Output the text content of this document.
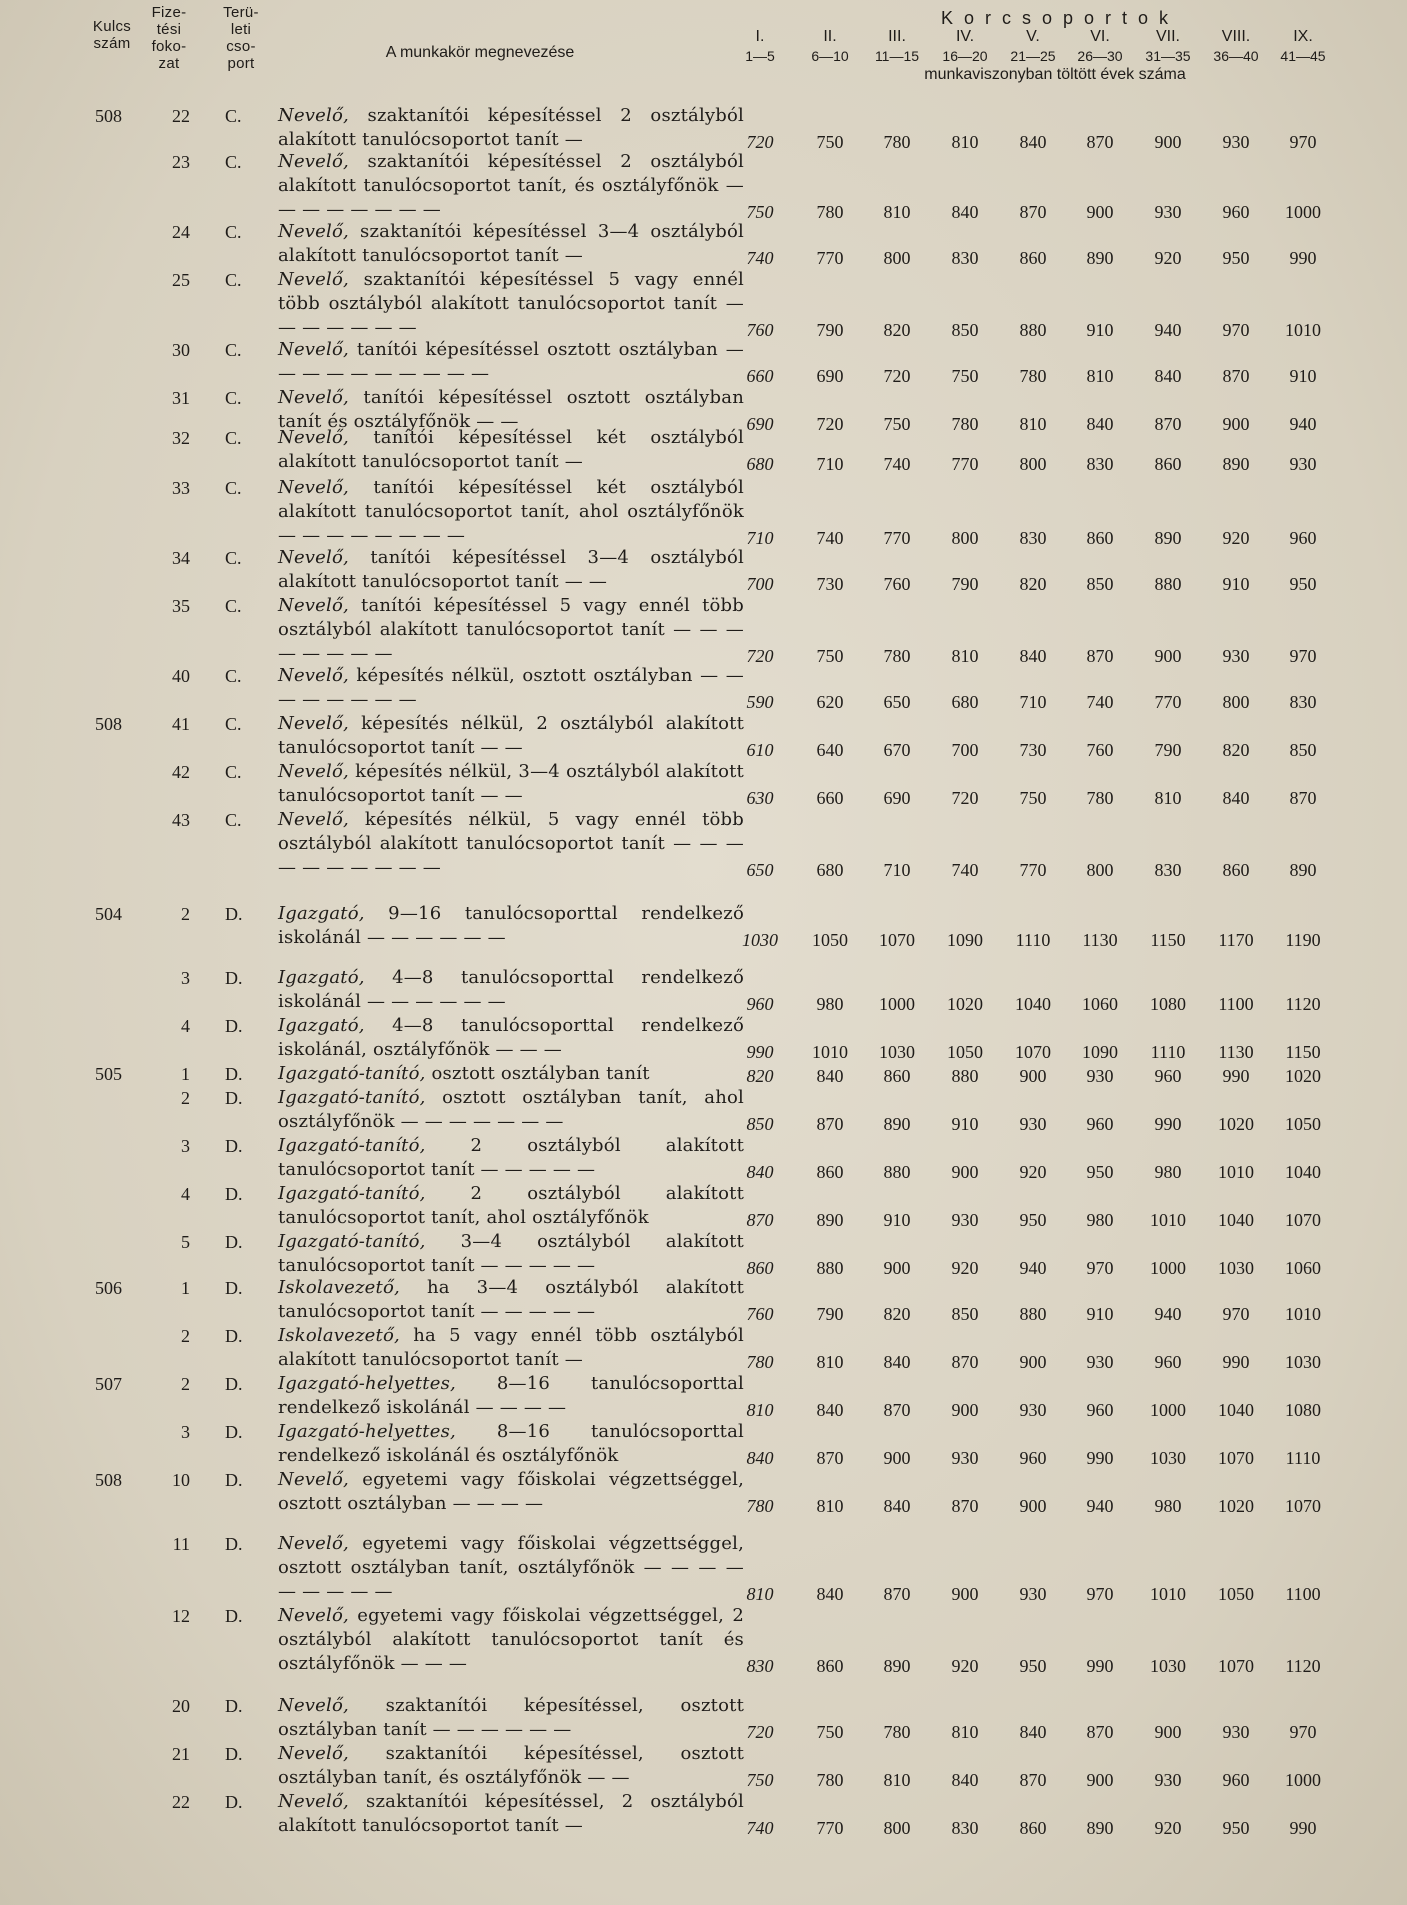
Kulcs
szám
Fize-
tési
foko-
zat
Terü-
leti
cso-
port
A munkakör megnevezése
Korcsoportok
I.	II.	III.	IV.	V.	VI.	VII.	VIII.	IX.
1—5	6—10	11—15	16—20	21—25	26—30	31—35	36—40	41—45
munkaviszonyban töltött évek száma
508	22 C.	Nevelő, szaktanítói képesítéssel 2 osztályból alakított tanulócsoportot tanít —	720	750	780	810	840	870	900	930	970
23 C.	Nevelő, szaktanítói képesítéssel 2 osztályból alakított tanulócsoportot tanít, és osztályfőnök — — — — — — — —	750	780	810	840	870	900	930	960	1000
24 C.	Nevelő, szaktanítói képesítéssel 3—4 osztályból alakított tanulócsoportot tanít —	740	770	800	830	860	890	920	950	990
25 C.	Nevelő, szaktanítói képesítéssel 5 vagy ennél több osztályból alakított tanulócsoportot tanít — — — — — — —	760	790	820	850	880	910	940	970	1010
30 C.	Nevelő, tanítói képesítéssel osztott osztályban — — — — — — — — — —	660	690	720	750	780	810	840	870	910
31 C.	Nevelő, tanítói képesítéssel osztott osztályban tanít és osztályfőnök — —	690	720	750	780	810	840	870	900	940
32 C.	Nevelő, tanítói képesítéssel két osztályból alakított tanulócsoportot tanít —	680	710	740	770	800	830	860	890	930
33 C.	Nevelő, tanítói képesítéssel két osztályból alakított tanulócsoportot tanít, ahol osztályfőnök — — — — — — — —	710	740	770	800	830	860	890	920	960
34 C.	Nevelő, tanítói képesítéssel 3—4 osztályból alakított tanulócsoportot tanít — —	700	730	760	790	820	850	880	910	950
35 C.	Nevelő, tanítói képesítéssel 5 vagy ennél több osztályból alakított tanulócsoportot tanít — — — — — — — —	720	750	780	810	840	870	900	930	970
40 C.	Nevelő, képesítés nélkül, osztott osztályban — — — — — — — —	590	620	650	680	710	740	770	800	830
508	41 C.	Nevelő, képesítés nélkül, 2 osztályból alakított tanulócsoportot tanít — —	610	640	670	700	730	760	790	820	850
42 C.	Nevelő, képesítés nélkül, 3—4 osztályból alakított tanulócsoportot tanít — —	630	660	690	720	750	780	810	840	870
43 C.	Nevelő, képesítés nélkül, 5 vagy ennél több osztályból alakított tanulócsoportot tanít — — — — — — — — — —	650	680	710	740	770	800	830	860	890
504	2 D.	Igazgató, 9—16 tanulócsoporttal rendelkező iskolánál — — — — — —	1030	1050	1070	1090	1110	1130	1150	1170	1190
3 D.	Igazgató, 4—8 tanulócsoporttal rendelkező iskolánál — — — — — —	960	980	1000	1020	1040	1060	1080	1100	1120
4 D.	Igazgató, 4—8 tanulócsoporttal rendelkező iskolánál, osztályfőnök — — —	990	1010	1030	1050	1070	1090	1110	1130	1150
505	1 D.	Igazgató-tanító, osztott osztályban tanít	820	840	860	880	900	930	960	990	1020
2 D.	Igazgató-tanító, osztott osztályban tanít, ahol osztályfőnök — — — — — — —	850	870	890	910	930	960	990	1020	1050
3 D.	Igazgató-tanító, 2 osztályból alakított tanulócsoportot tanít — — — — —	840	860	880	900	920	950	980	1010	1040
4 D.	Igazgató-tanító, 2 osztályból alakított tanulócsoportot tanít, ahol osztályfőnök	870	890	910	930	950	980	1010	1040	1070
5 D.	Igazgató-tanító, 3—4 osztályból alakított tanulócsoportot tanít — — — — —	860	880	900	920	940	970	1000	1030	1060
506	1 D.	Iskolavezető, ha 3—4 osztályból alakított tanulócsoportot tanít — — — — —	760	790	820	850	880	910	940	970	1010
2 D.	Iskolavezető, ha 5 vagy ennél több osztályból alakított tanulócsoportot tanít —	780	810	840	870	900	930	960	990	1030
507	2 D.	Igazgató-helyettes, 8—16 tanulócsoporttal rendelkező iskolánál — — — —	810	840	870	900	930	960	1000	1040	1080
3 D.	Igazgató-helyettes, 8—16 tanulócsoporttal rendelkező iskolánál és osztályfőnök	840	870	900	930	960	990	1030	1070	1110
508	10 D.	Nevelő, egyetemi vagy főiskolai végzettséggel, osztott osztályban — — — —	780	810	840	870	900	940	980	1020	1070
11 D.	Nevelő, egyetemi vagy főiskolai végzettséggel, osztott osztályban tanít, osztályfőnök — — — — — — — — —	810	840	870	900	930	970	1010	1050	1100
12 D.	Nevelő, egyetemi vagy főiskolai végzettséggel, 2 osztályból alakított tanulócsoportot tanít és osztályfőnök — — —	830	860	890	920	950	990	1030	1070	1120
20 D.	Nevelő, szaktanítói képesítéssel, osztott osztályban tanít — — — — — —	720	750	780	810	840	870	900	930	970
21 D.	Nevelő, szaktanítói képesítéssel, osztott osztályban tanít, és osztályfőnök — —	750	780	810	840	870	900	930	960	1000
22 D.	Nevelő, szaktanítói képesítéssel, 2 osztályból alakított tanulócsoportot tanít —	740	770	800	830	860	890	920	950	990
